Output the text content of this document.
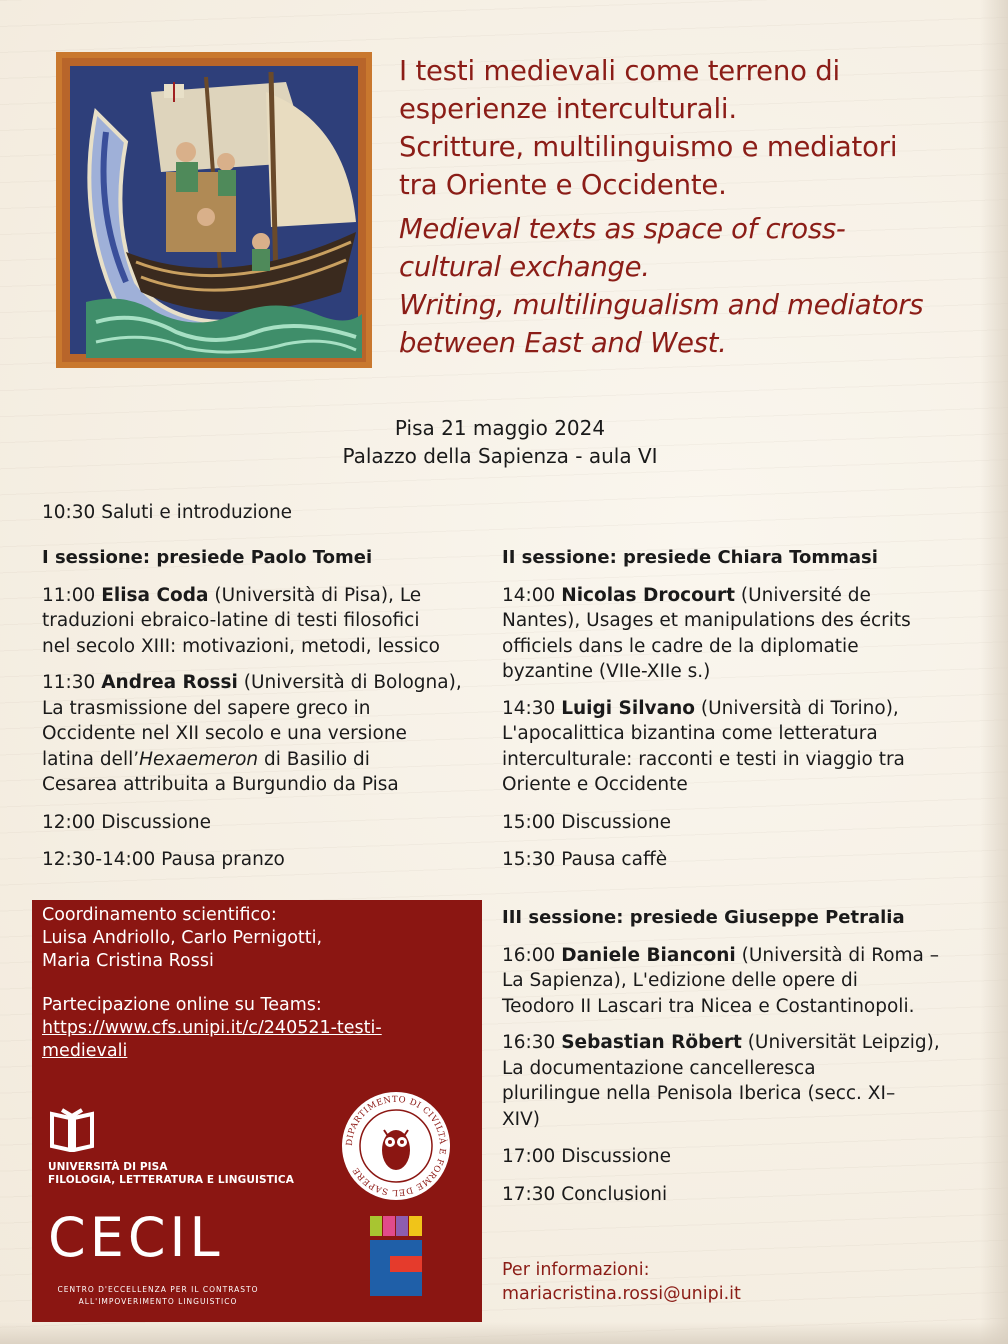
I testi medievali come terreno di

esperienze interculturali.

Scritture, multilinguismo e mediatori

tra Oriente e Occidente.

Medieval texts as space of cross-

cultural exchange.

Writing, multilingualism and mediators

between East and West.

Pisa 21 maggio 2024

Palazzo della Sapienza - aula VI

10:30 Saluti e introduzione

I sessione: presiede Paolo Tomei

11:00 Elisa Coda (Università di Pisa), Le

traduzioni ebraico-latine di testi filosofici

nel secolo XIII: motivazioni, metodi, lessico

11:30 Andrea Rossi (Università di Bologna),

La trasmissione del sapere greco in

Occidente nel XII secolo e una versione

latina dell’Hexaemeron di Basilio di

Cesarea attribuita a Burgundio da Pisa

12:00 Discussione

12:30-14:00 Pausa pranzo

II sessione: presiede Chiara Tommasi

14:00 Nicolas Drocourt (Université de

Nantes), Usages et manipulations des écrits

officiels dans le cadre de la diplomatie

byzantine (VIIe-XIIe s.)

14:30 Luigi Silvano (Università di Torino),

L'apocalittica bizantina come letteratura

interculturale: racconti e testi in viaggio tra

Oriente e Occidente

15:00 Discussione

15:30 Pausa caffè

III sessione: presiede Giuseppe Petralia

16:00 Daniele Bianconi (Università di Roma –

La Sapienza), L'edizione delle opere di

Teodoro II Lascari tra Nicea e Costantinopoli.

16:30 Sebastian Röbert (Universität Leipzig),

La documentazione cancelleresca

plurilingue nella Penisola Iberica (secc. XI–

XIV)

17:00 Discussione

17:30 Conclusioni

Coordinamento scientifico:

Luisa Andriollo, Carlo Pernigotti,

Maria Cristina Rossi

Partecipazione online su Teams:

https://www.cfs.unipi.it/c/240521-testi-

medievali

UNIVERSITÀ DI PISA
FILOLOGIA, LETTERATURA E LINGUISTICA
CECIL
CENTRO D'ECCELLENZA PER IL CONTRASTO
ALL'IMPOVERIMENTO LINGUISTICO
DIPARTIMENTO DI CIVILTÀ E FORME DEL SAPERE

Per informazioni:

mariacristina.rossi@unipi.it
